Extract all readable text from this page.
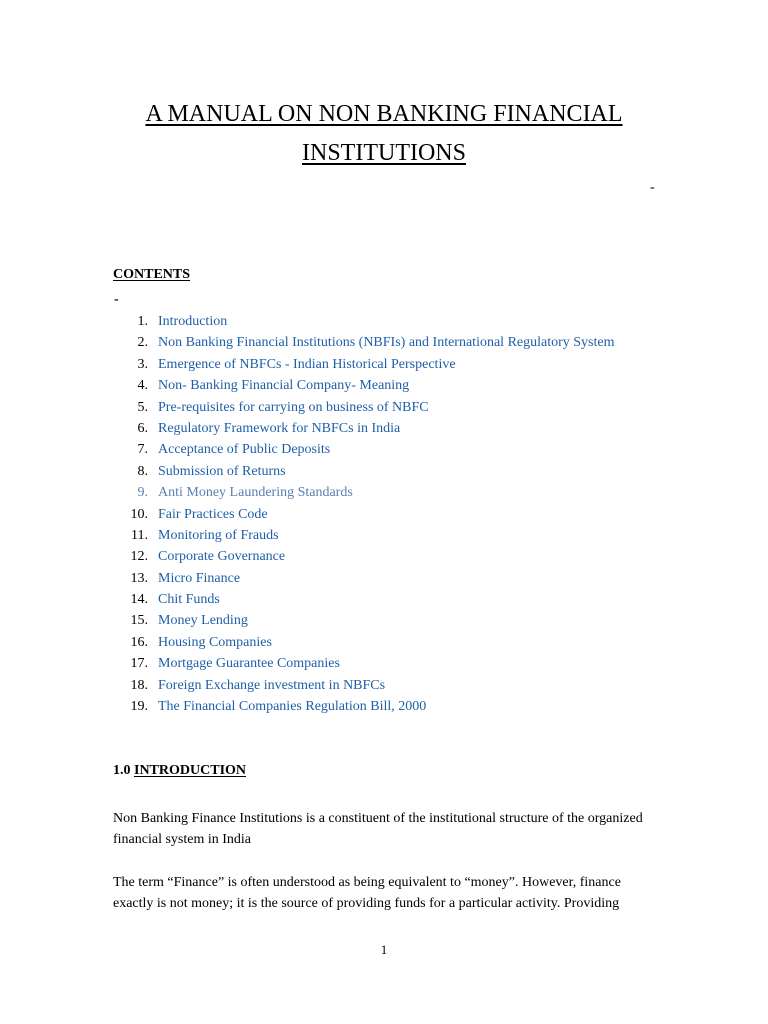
A MANUAL ON NON BANKING FINANCIAL
INSTITUTIONS
-
CONTENTS
-
1. Introduction
2. Non Banking Financial Institutions (NBFIs) and International Regulatory System
3. Emergence of NBFCs - Indian Historical Perspective
4. Non- Banking Financial Company- Meaning
5. Pre-requisites for carrying on business of NBFC
6. Regulatory Framework for NBFCs in India
7. Acceptance of Public Deposits
8. Submission of Returns
9. Anti Money Laundering Standards
10. Fair Practices Code
11. Monitoring of Frauds
12. Corporate Governance
13. Micro Finance
14. Chit Funds
15. Money Lending
16. Housing Companies
17. Mortgage Guarantee Companies
18. Foreign Exchange investment in NBFCs
19. The Financial Companies Regulation Bill, 2000
1.0 INTRODUCTION

Non Banking Finance Institutions is a constituent of the institutional structure of the organized financial system in India

The term “Finance” is often understood as being equivalent to “money”. However, finance exactly is not money; it is the source of providing funds for a particular activity. Providing

1
